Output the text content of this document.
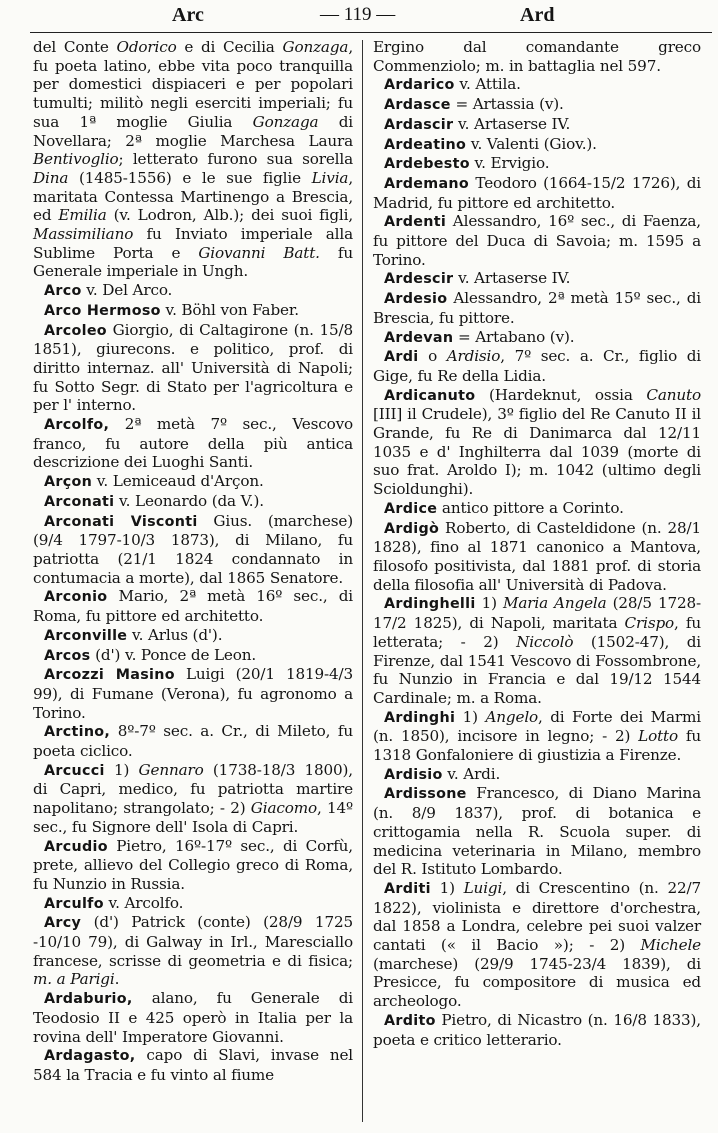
Arc	— 119 —	Ard

del Conte Odorico e di Cecilia Gonzaga, fu poeta latino, ebbe vita poco tranquilla per domestici dispiaceri e per popolari tumulti; militò negli eserciti imperiali; fu sua 1ª moglie Giulia Gonzaga di Novellara; 2ª moglie Marchesa Laura Bentivoglio; letterato furono sua sorella Dina (1485-1556) e le sue figlie Livia, maritata Contessa Martinengo a Brescia, ed Emilia (v. Lodron, Alb.); dei suoi figli, Massimiliano fu Inviato imperiale alla Sublime Porta e Giovanni Batt. fu Generale imperiale in Ungh.

Arco v. Del Arco.

Arco Hermoso v. Böhl von Faber.

Arcoleo Giorgio, di Caltagirone (n. 15/8 1851), giurecons. e politico, prof. di diritto internaz. all' Università di Napoli; fu Sotto Segr. di Stato per l'agricoltura e per l' interno.

Arcolfo, 2ª metà 7º sec., Vescovo franco, fu autore della più antica descrizione dei Luoghi Santi.

Arçon v. Lemiceaud d'Arçon.

Arconati v. Leonardo (da V.).

Arconati Visconti Gius. (marchese) (9/4 1797-10/3 1873), di Milano, fu patriotta (21/1 1824 condannato in contumacia a morte), dal 1865 Senatore.

Arconio Mario, 2ª metà 16º sec., di Roma, fu pittore ed architetto.

Arconville v. Arlus (d').

Arcos (d') v. Ponce de Leon.

Arcozzi Masino Luigi (20/1 1819-4/3 99), di Fumane (Verona), fu agronomo a Torino.

Arctino, 8º-7º sec. a. Cr., di Mileto, fu poeta ciclico.

Arcucci 1) Gennaro (1738-18/3 1800), di Capri, medico, fu patriotta martire napolitano; strangolato; - 2) Giacomo, 14º sec., fu Signore dell' Isola di Capri.

Arcudio Pietro, 16º-17º sec., di Corfù, prete, allievo del Collegio greco di Roma, fu Nunzio in Russia.

Arculfo v. Arcolfo.

Arcy (d') Patrick (conte) (28/9 1725 -10/10 79), di Galway in Irl., Maresciallo francese, scrisse di geometria e di fisica; m. a Parigi.

Ardaburio, alano, fu Generale di Teodosio II e 425 operò in Italia per la rovina dell' Imperatore Giovanni.

Ardagasto, capo di Slavi, invase nel 584 la Tracia e fu vinto al fiume

Ergino dal comandante greco Commenziolo; m. in battaglia nel 597.

Ardarico v. Attila.

Ardasce = Artassia (v).

Ardascir v. Artaserse IV.

Ardeatino v. Valenti (Giov.).

Ardebesto v. Ervigio.

Ardemano Teodoro (1664-15/2 1726), di Madrid, fu pittore ed architetto.

Ardenti Alessandro, 16º sec., di Faenza, fu pittore del Duca di Savoia; m. 1595 a Torino.

Ardescir v. Artaserse IV.

Ardesio Alessandro, 2ª metà 15º sec., di Brescia, fu pittore.

Ardevan = Artabano (v).

Ardi o Ardisio, 7º sec. a. Cr., figlio di Gige, fu Re della Lidia.

Ardicanuto (Hardeknut, ossia Canuto [III] il Crudele), 3º figlio del Re Canuto II il Grande, fu Re di Danimarca dal 12/11 1035 e d' Inghilterra dal 1039 (morte di suo frat. Aroldo I); m. 1042 (ultimo degli Scioldunghi).

Ardice antico pittore a Corinto.

Ardigò Roberto, di Casteldidone (n. 28/1 1828), fino al 1871 canonico a Mantova, filosofo positivista, dal 1881 prof. di storia della filosofia all' Università di Padova.

Ardinghelli 1) Maria Angela (28/5 1728-17/2 1825), di Napoli, maritata Crispo, fu letterata; - 2) Niccolò (1502-47), di Firenze, dal 1541 Vescovo di Fossombrone, fu Nunzio in Francia e dal 19/12 1544 Cardinale; m. a Roma.

Ardinghi 1) Angelo, di Forte dei Marmi (n. 1850), incisore in legno; - 2) Lotto fu 1318 Gonfaloniere di giustizia a Firenze.

Ardisio v. Ardi.

Ardissone Francesco, di Diano Marina (n. 8/9 1837), prof. di botanica e crittogamia nella R. Scuola super. di medicina veterinaria in Milano, membro del R. Istituto Lombardo.

Arditi 1) Luigi, di Crescentino (n. 22/7 1822), violinista e direttore d'orchestra, dal 1858 a Londra, celebre pei suoi valzer cantati (« il Bacio »); - 2) Michele (marchese) (29/9 1745-23/4 1839), di Presicce, fu compositore di musica ed archeologo.

Ardito Pietro, di Nicastro (n. 16/8 1833), poeta e critico letterario.
